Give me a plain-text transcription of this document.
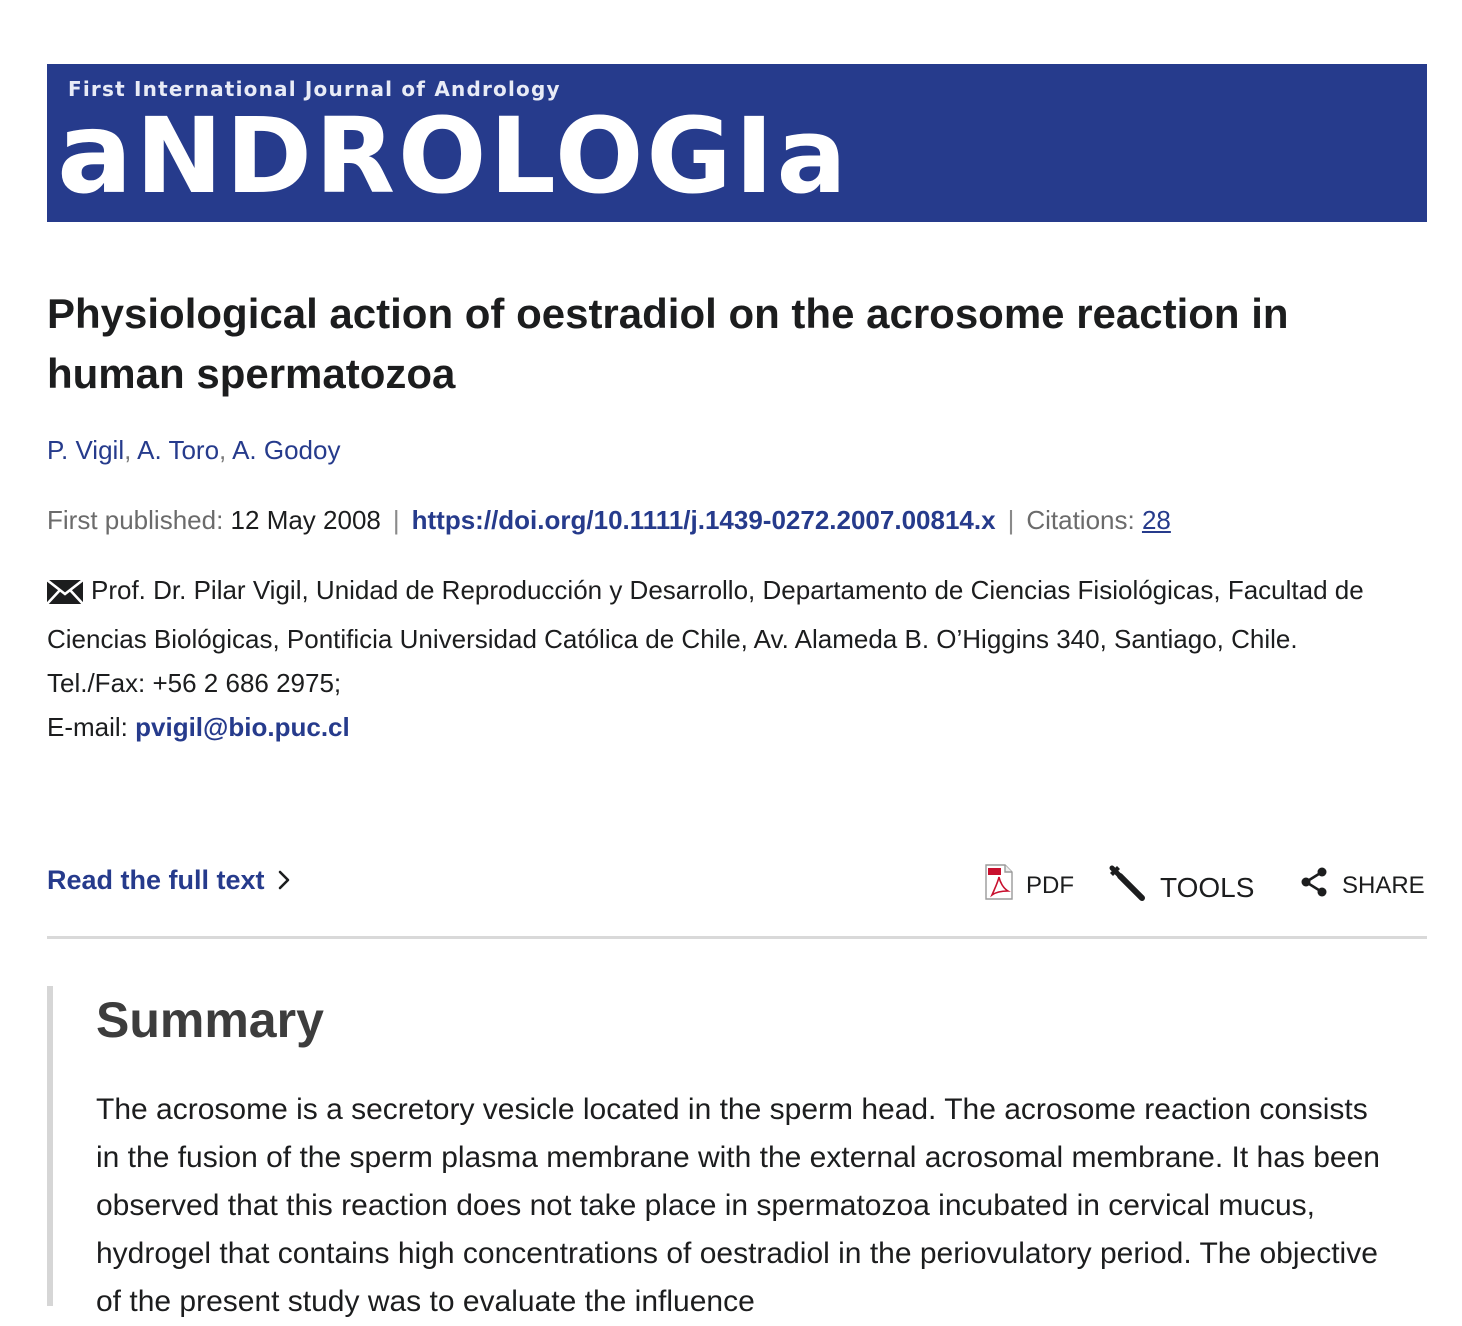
First International Journal of Andrology
aNDROLOGIa
Physiological action of oestradiol on the acrosome reaction in human spermatozoa
P. Vigil, A. Toro, A. Godoy
First published: 12 May 2008 | https://doi.org/10.1111/j.1439-0272.2007.00814.x | Citations: 28
Prof. Dr. Pilar Vigil, Unidad de Reproducción y Desarrollo, Departamento de Ciencias Fisiológicas, Facultad de Ciencias Biológicas, Pontificia Universidad Católica de Chile, Av. Alameda B. O’Higgins 340, Santiago, Chile.
Tel./Fax: +56 2 686 2975;
E-mail: pvigil@bio.puc.cl
Read the full text	PDF	TOOLS	SHARE
Summary

The acrosome is a secretory vesicle located in the sperm head. The acrosome reaction consists in the fusion of the sperm plasma membrane with the external acrosomal membrane. It has been observed that this reaction does not take place in spermatozoa incubated in cervical mucus, hydrogel that contains high concentrations of oestradiol in the periovulatory period. The objective of the present study was to evaluate the influence
